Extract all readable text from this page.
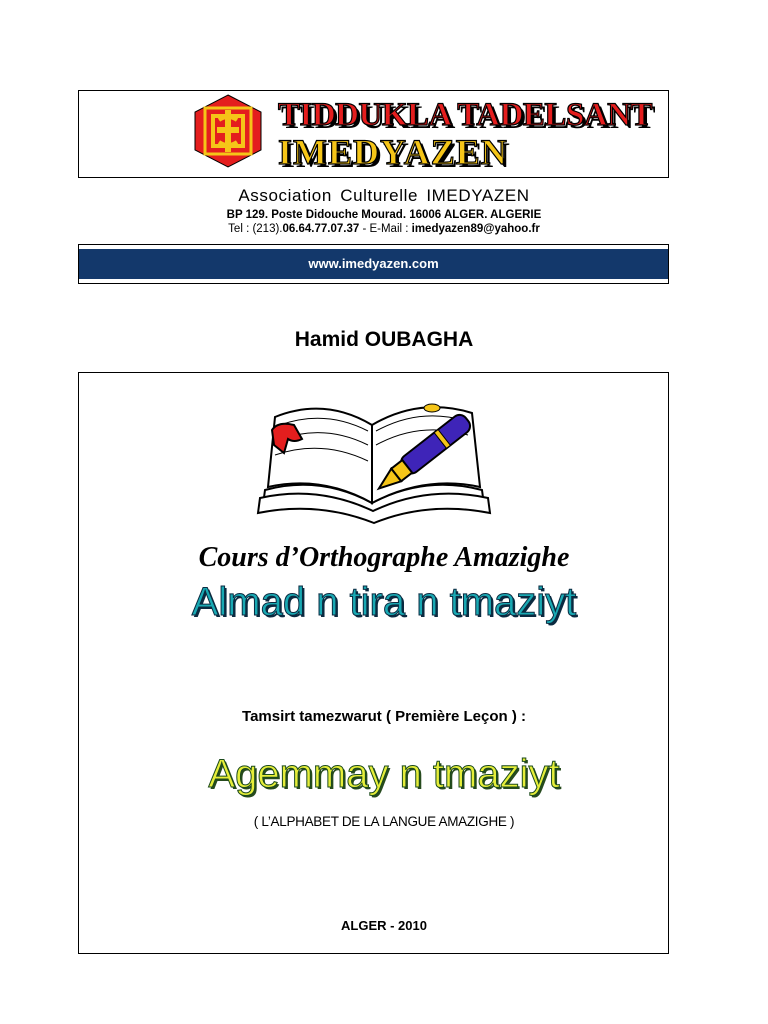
TIDDUKLA TADELSANT
IMEDYAZEN
Association Culturelle IMEDYAZEN
BP 129. Poste Didouche Mourad. 16006 ALGER. ALGERIE
Tel : (213).06.64.77.07.37 - E-Mail : imedyazen89@yahoo.fr
www.imedyazen.com
Hamid OUBAGHA
Cours d’Orthographe Amazighe
Almad n tira n tmaziyt
Tamsirt tamezwarut ( Première Leçon ) :
Agemmay n tmaziyt
( L’ALPHABET DE LA LANGUE AMAZIGHE )
ALGER - 2010
